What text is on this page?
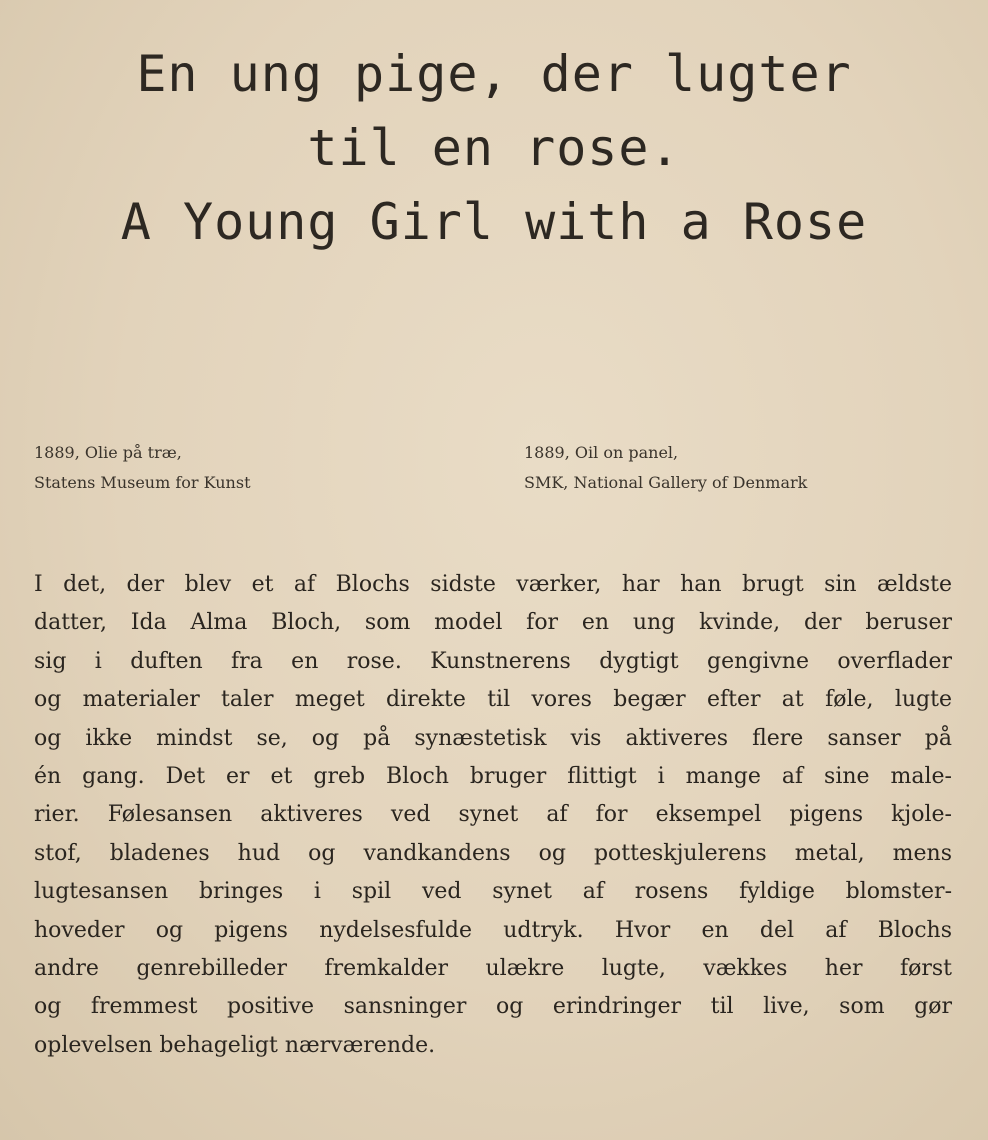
En ung pige, der lugter
til en rose.
A Young Girl with a Rose
1889, Olie på træ,
Statens Museum for Kunst
1889, Oil on panel,
SMK, National Gallery of Denmark
I det, der blev et af Blochs sidste værker, har han brugt sin ældste
datter, Ida Alma Bloch, som model for en ung kvinde, der beruser
sig i duften fra en rose. Kunstnerens dygtigt gengivne overflader
og materialer taler meget direkte til vores begær efter at føle, lugte
og ikke mindst se, og på synæstetisk vis aktiveres flere sanser på
én gang. Det er et greb Bloch bruger flittigt i mange af sine male-
rier. Følesansen aktiveres ved synet af for eksempel pigens kjole-
stof, bladenes hud og vandkandens og potteskjulerens metal, mens
lugtesansen bringes i spil ved synet af rosens fyldige blomster-
hoveder og pigens nydelsesfulde udtryk. Hvor en del af Blochs
andre genrebilleder fremkalder ulækre lugte, vækkes her først
og fremmest positive sansninger og erindringer til live, som gør
oplevelsen behageligt nærværende.
